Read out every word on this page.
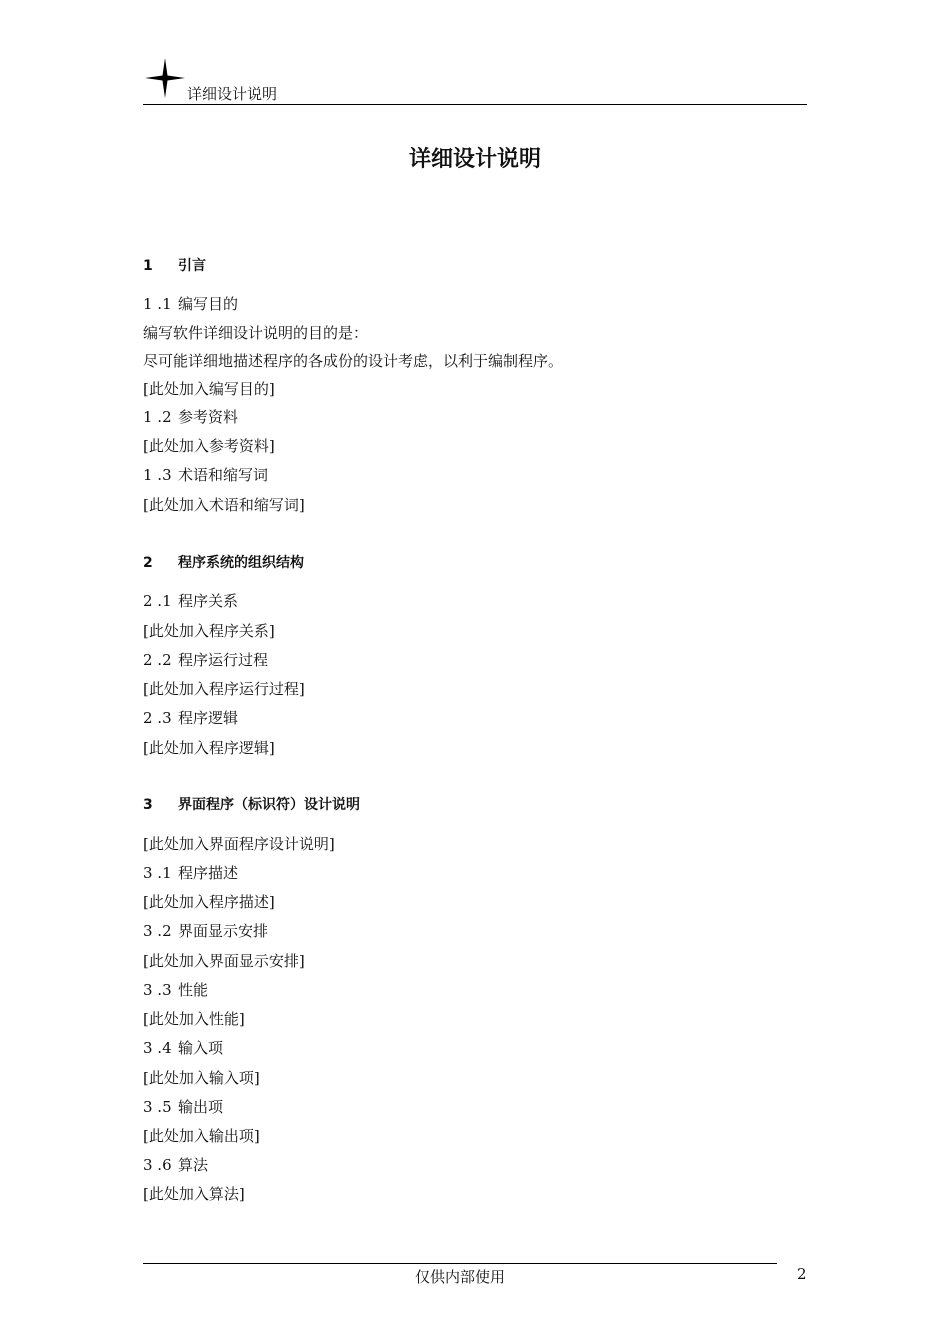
详细设计说明
详细设计说明
1 引言
1 .1 编写目的
编写软件详细设计说明的目的是：
尽可能详细地描述程序的各成份的设计考虑，以利于编制程序。
[此处加入编写目的]
1 .2 参考资料
[此处加入参考资料]
1 .3 术语和缩写词
[此处加入术语和缩写词]
2 程序系统的组织结构
2 .1 程序关系
[此处加入程序关系]
2 .2 程序运行过程
[此处加入程序运行过程]
2 .3 程序逻辑
[此处加入程序逻辑]
3 界面程序（标识符）设计说明
[此处加入界面程序设计说明]
3 .1 程序描述
[此处加入程序描述]
3 .2 界面显示安排
[此处加入界面显示安排]
3 .3 性能
[此处加入性能]
3 .4 输入项
[此处加入输入项]
3 .5 输出项
[此处加入输出项]
3 .6 算法
[此处加入算法]
仅供内部使用	2
